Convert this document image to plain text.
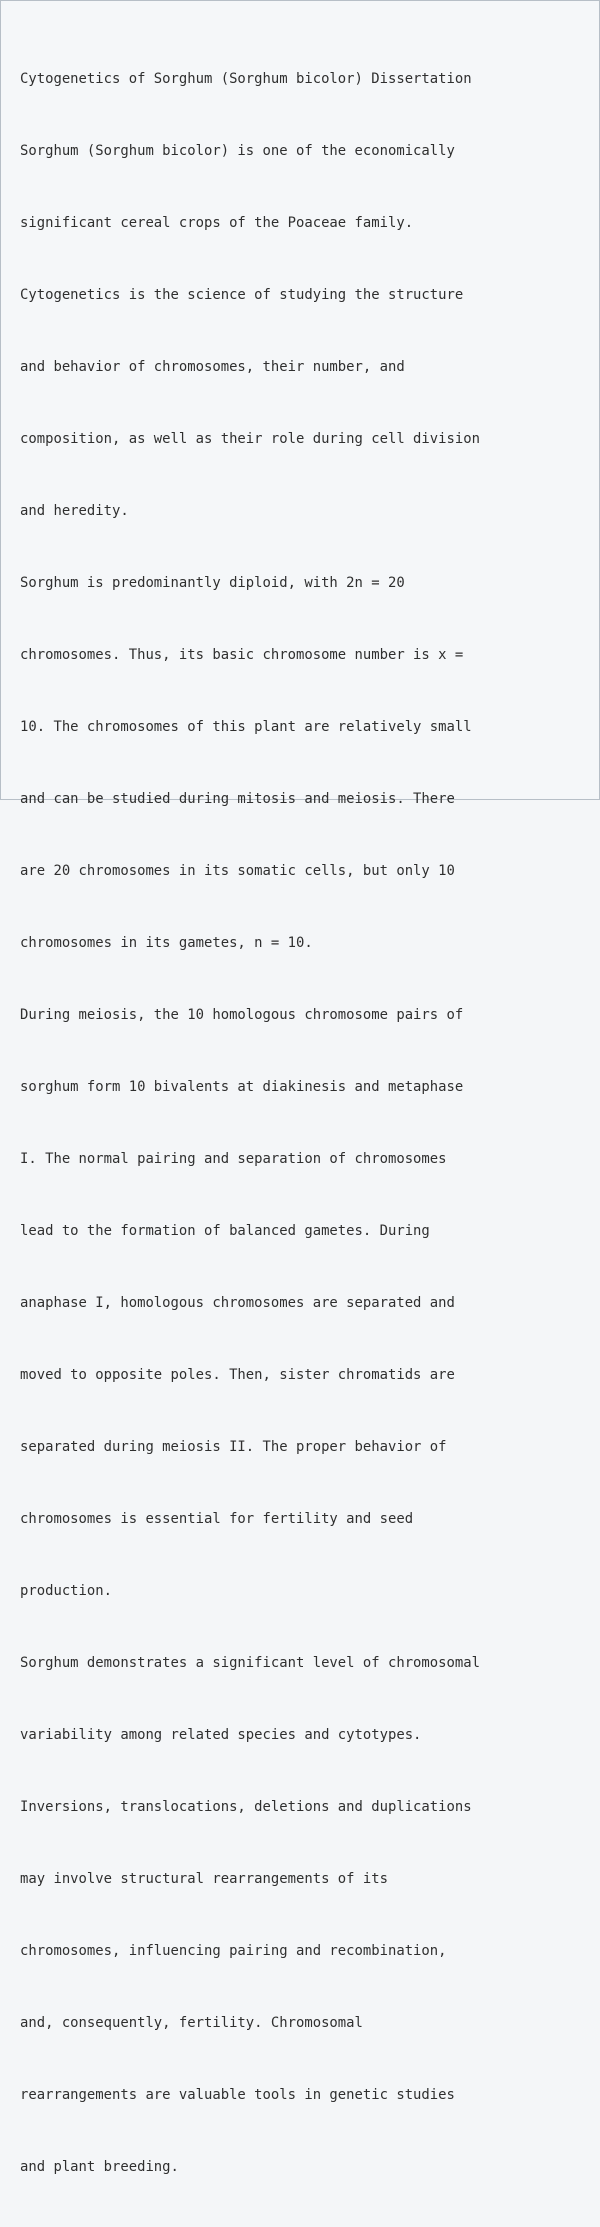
Cytogenetics of Sorghum (Sorghum bicolor) Dissertation

Sorghum (Sorghum bicolor) is one of the economically

significant cereal crops of the Poaceae family.

Cytogenetics is the science of studying the structure

and behavior of chromosomes, their number, and

composition, as well as their role during cell division

and heredity.

Sorghum is predominantly diploid, with 2n = 20

chromosomes. Thus, its basic chromosome number is x =

10. The chromosomes of this plant are relatively small

and can be studied during mitosis and meiosis. There

are 20 chromosomes in its somatic cells, but only 10

chromosomes in its gametes, n = 10.

During meiosis, the 10 homologous chromosome pairs of

sorghum form 10 bivalents at diakinesis and metaphase

I. The normal pairing and separation of chromosomes

lead to the formation of balanced gametes. During

anaphase I, homologous chromosomes are separated and

moved to opposite poles. Then, sister chromatids are

separated during meiosis II. The proper behavior of

chromosomes is essential for fertility and seed

production.

Sorghum demonstrates a significant level of chromosomal

variability among related species and cytotypes.

Inversions, translocations, deletions and duplications

may involve structural rearrangements of its

chromosomes, influencing pairing and recombination,

and, consequently, fertility. Chromosomal

rearrangements are valuable tools in genetic studies

and plant breeding.
